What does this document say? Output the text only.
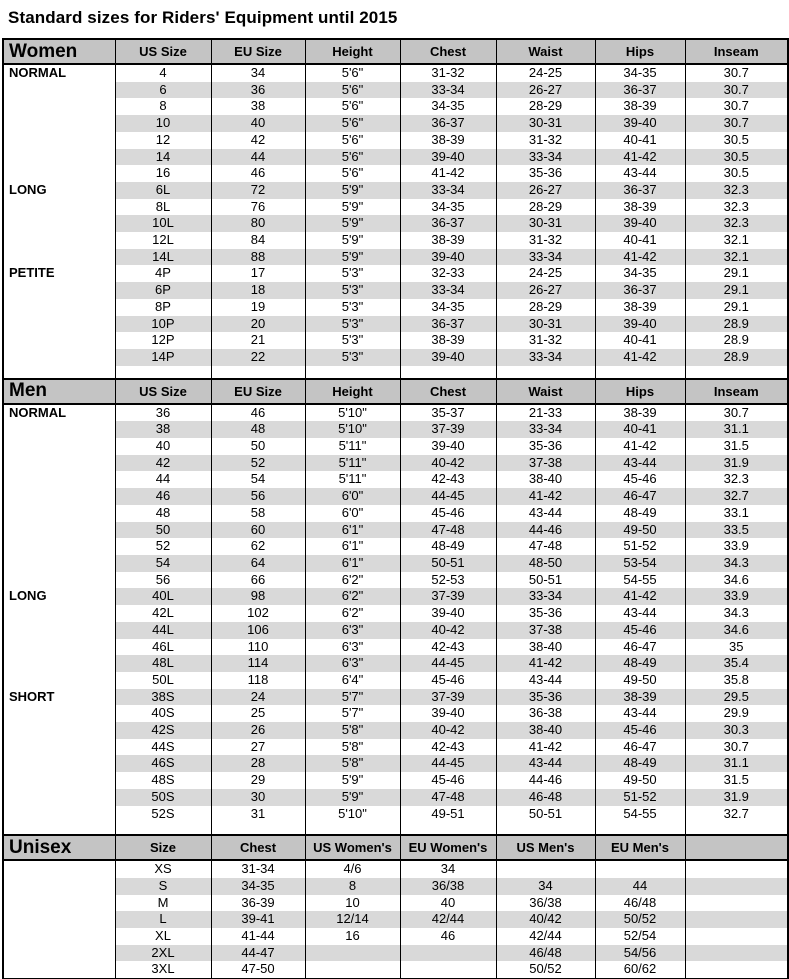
Standard sizes for Riders' Equipment until 2015
Women	US Size	EU Size	Height	Chest	Waist	Hips	Inseam
NORMAL	4	34	5'6"	31-32	24-25	34-35	30.7
	6	36	5'6"	33-34	26-27	36-37	30.7
	8	38	5'6"	34-35	28-29	38-39	30.7
	10	40	5'6"	36-37	30-31	39-40	30.7
	12	42	5'6"	38-39	31-32	40-41	30.5
	14	44	5'6"	39-40	33-34	41-42	30.5
	16	46	5'6"	41-42	35-36	43-44	30.5
LONG	6L	72	5'9"	33-34	26-27	36-37	32.3
	8L	76	5'9"	34-35	28-29	38-39	32.3
	10L	80	5'9"	36-37	30-31	39-40	32.3
	12L	84	5'9"	38-39	31-32	40-41	32.1
	14L	88	5'9"	39-40	33-34	41-42	32.1
PETITE	4P	17	5'3"	32-33	24-25	34-35	29.1
	6P	18	5'3"	33-34	26-27	36-37	29.1
	8P	19	5'3"	34-35	28-29	38-39	29.1
	10P	20	5'3"	36-37	30-31	39-40	28.9
	12P	21	5'3"	38-39	31-32	40-41	28.9
	14P	22	5'3"	39-40	33-34	41-42	28.9

Men	US Size	EU Size	Height	Chest	Waist	Hips	Inseam
NORMAL	36	46	5'10"	35-37	21-33	38-39	30.7
	38	48	5'10"	37-39	33-34	40-41	31.1
	40	50	5'11"	39-40	35-36	41-42	31.5
	42	52	5'11"	40-42	37-38	43-44	31.9
	44	54	5'11"	42-43	38-40	45-46	32.3
	46	56	6'0"	44-45	41-42	46-47	32.7
	48	58	6'0"	45-46	43-44	48-49	33.1
	50	60	6'1"	47-48	44-46	49-50	33.5
	52	62	6'1"	48-49	47-48	51-52	33.9
	54	64	6'1"	50-51	48-50	53-54	34.3
	56	66	6'2"	52-53	50-51	54-55	34.6
LONG	40L	98	6'2"	37-39	33-34	41-42	33.9
	42L	102	6'2"	39-40	35-36	43-44	34.3
	44L	106	6'3"	40-42	37-38	45-46	34.6
	46L	110	6'3"	42-43	38-40	46-47	35
	48L	114	6'3"	44-45	41-42	48-49	35.4
	50L	118	6'4"	45-46	43-44	49-50	35.8
SHORT	38S	24	5'7"	37-39	35-36	38-39	29.5
	40S	25	5'7"	39-40	36-38	43-44	29.9
	42S	26	5'8"	40-42	38-40	45-46	30.3
	44S	27	5'8"	42-43	41-42	46-47	30.7
	46S	28	5'8"	44-45	43-44	48-49	31.1
	48S	29	5'9"	45-46	44-46	49-50	31.5
	50S	30	5'9"	47-48	46-48	51-52	31.9
	52S	31	5'10"	49-51	50-51	54-55	32.7

Unisex	Size	Chest	US Women's	EU Women's	US Men's	EU Men's	
	XS	31-34	4/6	34			
	S	34-35	8	36/38	34	44	
	M	36-39	10	40	36/38	46/48	
	L	39-41	12/14	42/44	40/42	50/52	
	XL	41-44	16	46	42/44	52/54	
	2XL	44-47			46/48	54/56	
	3XL	47-50			50/52	60/62	
